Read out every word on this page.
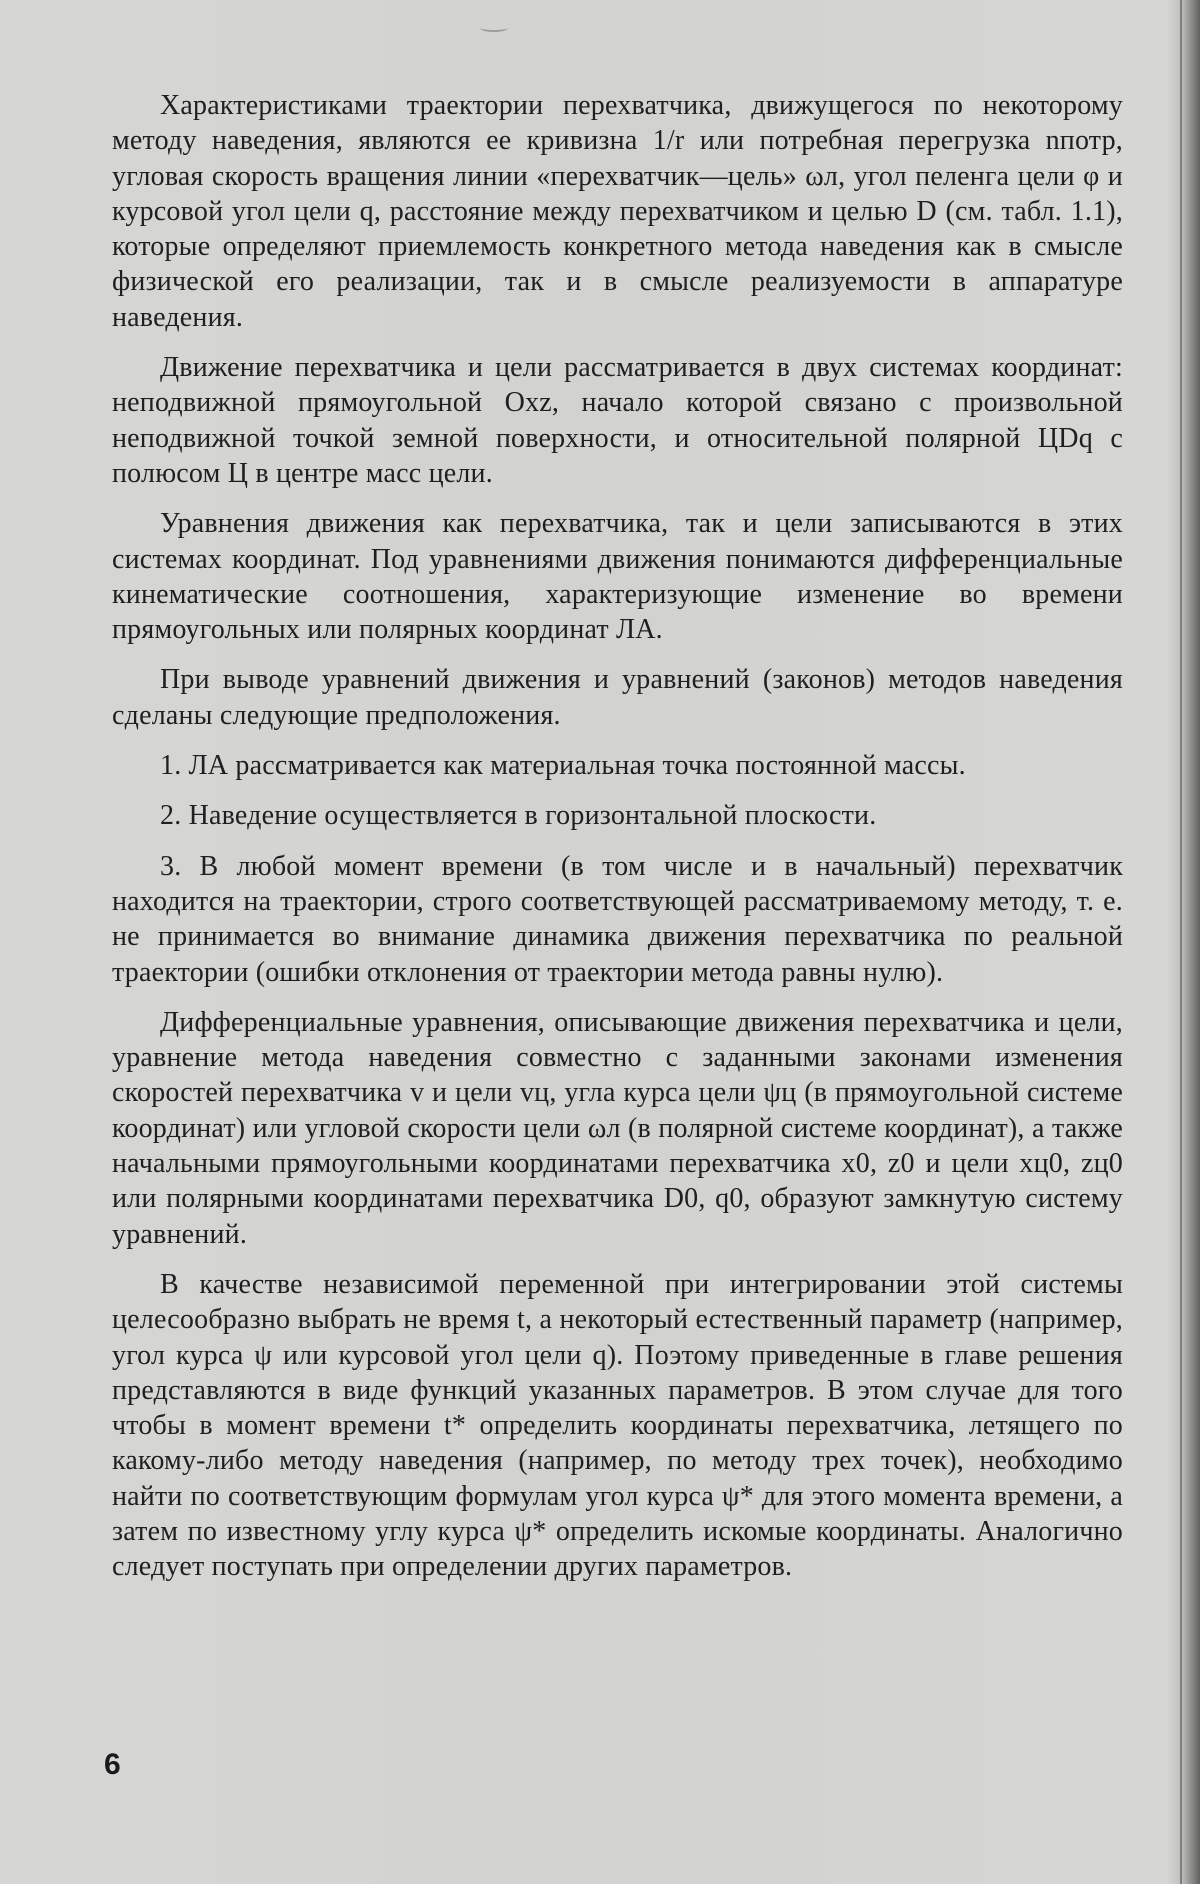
Характеристиками траектории перехватчика, движущегося по некоторому методу наведения, являются ее кривизна 1/r или потребная перегрузка nпотр, угловая скорость вращения линии «перехватчик—цель» ωл, угол пеленга цели φ и курсовой угол цели q, расстояние между перехватчиком и целью D (см. табл. 1.1), которые определяют приемлемость конкретного метода наведения как в смысле физической его реализации, так и в смысле реализуемости в аппаратуре наведения.

Движение перехватчика и цели рассматривается в двух системах координат: неподвижной прямоугольной Oxz, начало которой связано с произвольной неподвижной точкой земной поверхности, и относительной полярной ЦDq с полюсом Ц в центре масс цели.

Уравнения движения как перехватчика, так и цели записываются в этих системах координат. Под уравнениями движения понимаются дифференциальные кинематические соотношения, характеризующие изменение во времени прямоугольных или полярных координат ЛА.

При выводе уравнений движения и уравнений (законов) методов наведения сделаны следующие предположения.

1. ЛА рассматривается как материальная точка постоянной массы.

2. Наведение осуществляется в горизонтальной плоскости.

3. В любой момент времени (в том числе и в начальный) перехватчик находится на траектории, строго соответствующей рассматриваемому методу, т. е. не принимается во внимание динамика движения перехватчика по реальной траектории (ошибки отклонения от траектории метода равны нулю).

Дифференциальные уравнения, описывающие движения перехватчика и цели, уравнение метода наведения совместно с заданными законами изменения скоростей перехватчика v и цели vц, угла курса цели ψц (в прямоугольной системе координат) или угловой скорости цели ωл (в полярной системе координат), а также начальными прямоугольными координатами перехватчика x0, z0 и цели xц0, zц0 или полярными координатами перехватчика D0, q0, образуют замкнутую систему уравнений.

В качестве независимой переменной при интегрировании этой системы целесообразно выбрать не время t, а некоторый естественный параметр (например, угол курса ψ или курсовой угол цели q). Поэтому приведенные в главе решения представляются в виде функций указанных параметров. В этом случае для того чтобы в момент времени t* определить координаты перехватчика, летящего по какому-либо методу наведения (например, по методу трех точек), необходимо найти по соответствующим формулам угол курса ψ* для этого момента времени, а затем по известному углу курса ψ* определить искомые координаты. Аналогично следует поступать при определении других параметров.

6
